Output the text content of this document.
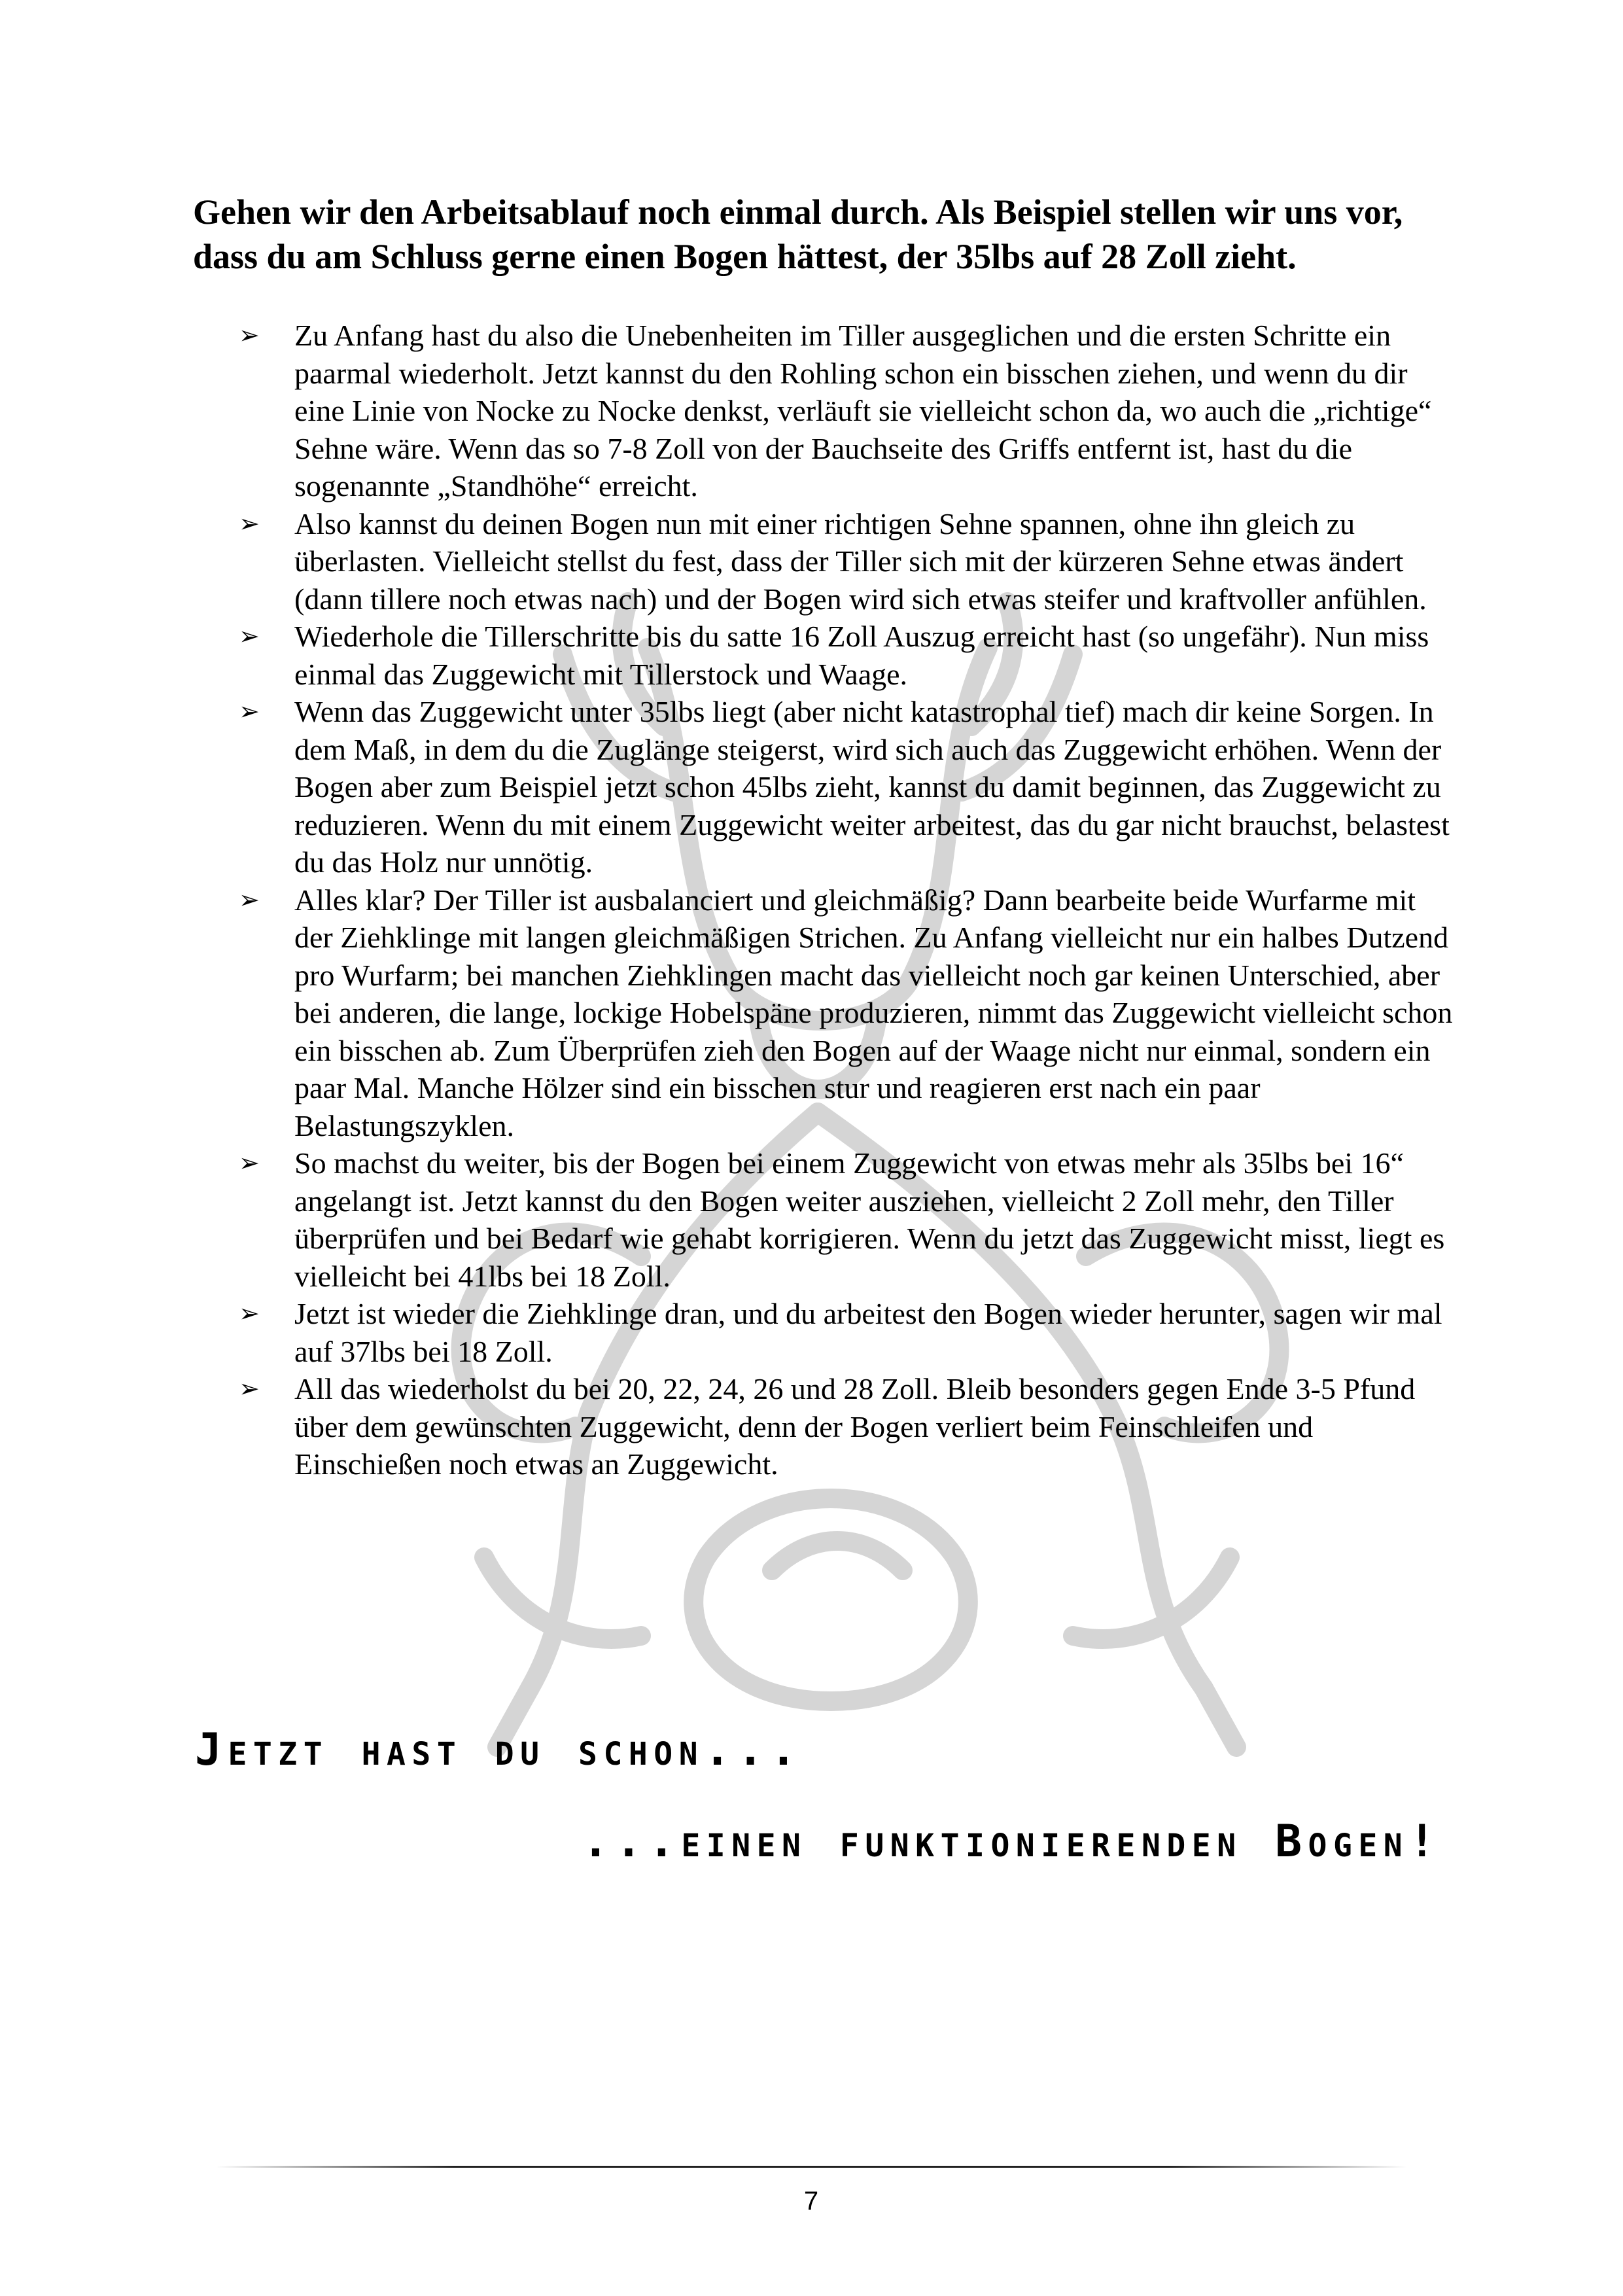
Gehen wir den Arbeitsablauf noch einmal durch. Als Beispiel stellen wir uns vor, dass du am Schluss gerne einen Bogen hättest, der 35lbs auf 28 Zoll zieht.

➢ Zu Anfang hast du also die Unebenheiten im Tiller ausgeglichen und die ersten Schritte ein paarmal wiederholt. Jetzt kannst du den Rohling schon ein bisschen ziehen, und wenn du dir eine Linie von Nocke zu Nocke denkst, verläuft sie vielleicht schon da, wo auch die „richtige“ Sehne wäre. Wenn das so 7-8 Zoll von der Bauchseite des Griffs entfernt ist, hast du die sogenannte „Standhöhe“ erreicht.
➢ Also kannst du deinen Bogen nun mit einer richtigen Sehne spannen, ohne ihn gleich zu überlasten. Vielleicht stellst du fest, dass der Tiller sich mit der kürzeren Sehne etwas ändert (dann tillere noch etwas nach) und der Bogen wird sich etwas steifer und kraftvoller anfühlen.
➢ Wiederhole die Tillerschritte bis du satte 16 Zoll Auszug erreicht hast (so ungefähr). Nun miss einmal das Zuggewicht mit Tillerstock und Waage.
➢ Wenn das Zuggewicht unter 35lbs liegt (aber nicht katastrophal tief) mach dir keine Sorgen. In dem Maß, in dem du die Zuglänge steigerst, wird sich auch das Zuggewicht erhöhen. Wenn der Bogen aber zum Beispiel jetzt schon 45lbs zieht, kannst du damit beginnen, das Zuggewicht zu reduzieren. Wenn du mit einem Zuggewicht weiter arbeitest, das du gar nicht brauchst, belastest du das Holz nur unnötig.
➢ Alles klar? Der Tiller ist ausbalanciert und gleichmäßig? Dann bearbeite beide Wurfarme mit der Ziehklinge mit langen gleichmäßigen Strichen. Zu Anfang vielleicht nur ein halbes Dutzend pro Wurfarm; bei manchen Ziehklingen macht das vielleicht noch gar keinen Unterschied, aber bei anderen, die lange, lockige Hobelspäne produzieren, nimmt das Zuggewicht vielleicht schon ein bisschen ab. Zum Überprüfen zieh den Bogen auf der Waage nicht nur einmal, sondern ein paar Mal. Manche Hölzer sind ein bisschen stur und reagieren erst nach ein paar Belastungszyklen.
➢ So machst du weiter, bis der Bogen bei einem Zuggewicht von etwas mehr als 35lbs bei 16“ angelangt ist. Jetzt kannst du den Bogen weiter ausziehen, vielleicht 2 Zoll mehr, den Tiller überprüfen und bei Bedarf wie gehabt korrigieren. Wenn du jetzt das Zuggewicht misst, liegt es vielleicht bei 41lbs bei 18 Zoll.
➢ Jetzt ist wieder die Ziehklinge dran, und du arbeitest den Bogen wieder herunter, sagen wir mal auf 37lbs bei 18 Zoll.
➢ All das wiederholst du bei 20, 22, 24, 26 und 28 Zoll. Bleib besonders gegen Ende 3-5 Pfund über dem gewünschten Zuggewicht, denn der Bogen verliert beim Feinschleifen und Einschießen noch etwas an Zuggewicht.
Jetzt hast du schon...
...einen funktionierenden Bogen!
7
